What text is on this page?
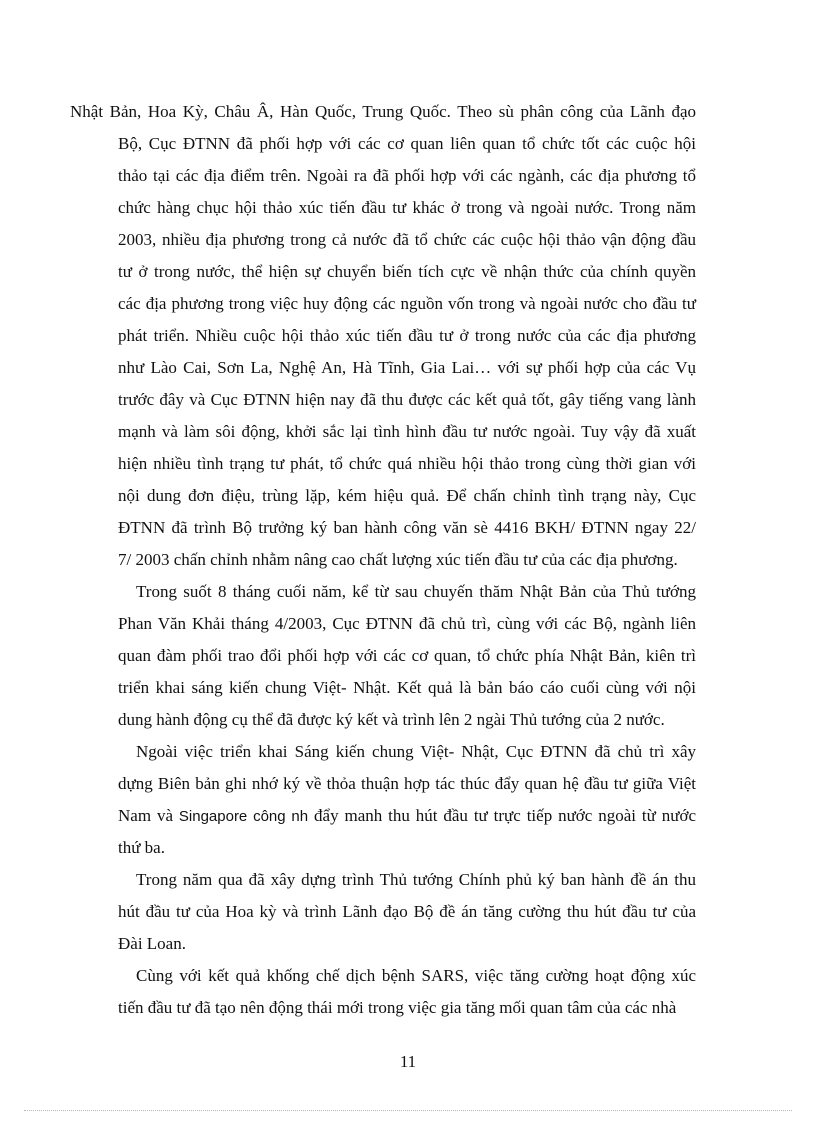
Nhật Bản, Hoa Kỳ, Châu Â, Hàn Quốc, Trung Quốc. Theo sù phân công của Lãnh đạo
Bộ, Cục ĐTNN đã phối hợp với các cơ quan liên quan tổ chức tốt các cuộc hội
thảo tại các địa điểm trên. Ngoài ra đã phối hợp với các ngành, các địa phương tổ
chức hàng chục hội thảo xúc tiến đầu tư khác ở trong và ngoài nước. Trong năm
2003, nhiều địa phương trong cả nước đã tổ chức các cuộc hội thảo vận động đầu
tư ở trong nước, thể hiện sự chuyển biến tích cực về nhận thức của chính quyền
các địa phương trong việc huy động các nguồn vốn trong và ngoài nước cho đầu tư
phát triển. Nhiều cuộc hội thảo xúc tiến đầu tư ở trong nước của các địa phương
như Lào Cai, Sơn La, Nghệ An, Hà Tĩnh, Gia Lai… với sự phối hợp của các Vụ
trước đây và Cục ĐTNN hiện nay đã thu được các kết quả tốt, gây tiếng vang lành
mạnh và làm sôi động, khởi sắc lại tình hình đầu tư nước ngoài. Tuy vậy đã xuất
hiện nhiều tình trạng tư phát, tổ chức quá nhiều hội thảo trong cùng thời gian với
nội dung đơn điệu, trùng lặp, kém hiệu quả. Để chấn chỉnh tình trạng này, Cục
ĐTNN đã trình Bộ trưởng ký ban hành công văn sè 4416 BKH/ ĐTNN ngay 22/
7/ 2003 chấn chỉnh nhằm nâng cao chất lượng xúc tiến đầu tư của các địa phương.
Trong suốt 8 tháng cuối năm, kể từ sau chuyến thăm Nhật Bản của Thủ tướng
Phan Văn Khải tháng 4/2003, Cục ĐTNN đã chủ trì, cùng với các Bộ, ngành liên
quan đàm phối trao đổi phối hợp với các cơ quan, tổ chức phía Nhật Bản, kiên trì
triển khai sáng kiến chung Việt- Nhật. Kết quả là bản báo cáo cuối cùng với nội
dung hành động cụ thể đã được ký kết và trình lên 2 ngài Thủ tướng của 2 nước.
Ngoài việc triển khai Sáng kiến chung Việt- Nhật, Cục ĐTNN đã chủ trì xây
dựng Biên bản ghi nhớ ký về thỏa thuận hợp tác thúc đẩy quan hệ đầu tư giữa Việt
Nam và Singapore công nh đẩy manh thu hút đầu tư trực tiếp nước ngoài từ nước
thứ ba.
Trong năm qua đã xây dựng trình Thủ tướng Chính phủ ký ban hành đề án thu
hút đầu tư của Hoa kỳ và trình Lãnh đạo Bộ đề án tăng cường thu hút đầu tư của
Đài Loan.
Cùng với kết quả khống chế dịch bệnh SARS, việc tăng cường hoạt động xúc
tiến đầu tư đã tạo nên động thái mới trong việc gia tăng mối quan tâm của các nhà
11
